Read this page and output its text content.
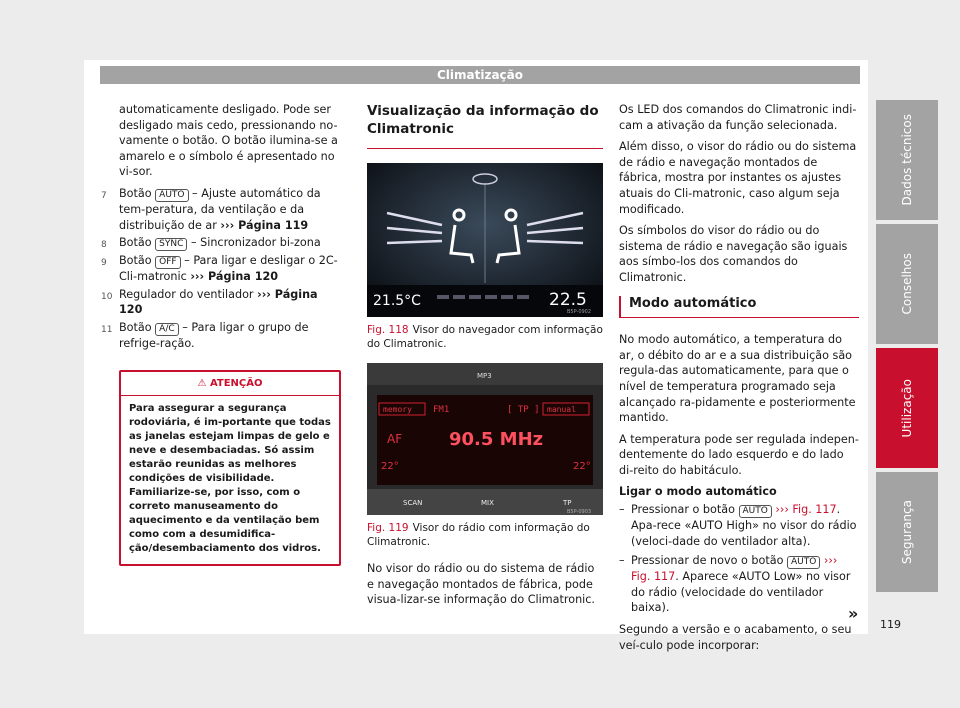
Climatização
automaticamente desligado. Pode ser desligado mais cedo, pressionando no-vamente o botão. O botão ilumina-se a amarelo e o símbolo é apresentado no vi-sor.
7 Botão AUTO – Ajuste automático da tem-peratura, da ventilação e da distribuição de ar ››› Página 119
8 Botão SYNC – Sincronizador bi-zona
9 Botão OFF – Para ligar e desligar o 2C-Cli-matronic ››› Página 120
10 Regulador do ventilador ››› Página 120
11 Botão A/C – Para ligar o grupo de refrige-ração.
⚠ ATENÇÃO
Para assegurar a segurança rodoviária, é im-portante que todas as janelas estejam limpas de gelo e neve e desembaciadas. Só assim estarão reunidas as melhores condições de visibilidade. Familiarize-se, por isso, com o correto manuseamento do aquecimento e da ventilação bem como com a desumidifica-ção/desembaciamento dos vidros.
Visualização da informação do Climatronic
21.5°C	22.5
B5P-0902
Fig. 118 Visor do navegador com informação do Climatronic.
MP3
memory FM1	[ TP ] manual
AF	90.5 MHz
22°	22°
SCAN	MIX	TP
B5P-0903
Fig. 119 Visor do rádio com informação do Climatronic.
No visor do rádio ou do sistema de rádio e navegação montados de fábrica, pode visua-lizar-se informação do Climatronic.
Os LED dos comandos do Climatronic indi-cam a ativação da função selecionada.
Além disso, o visor do rádio ou do sistema de rádio e navegação montados de fábrica, mostra por instantes os ajustes atuais do Cli-matronic, caso algum seja modificado.
Os símbolos do visor do rádio ou do sistema de rádio e navegação são iguais aos símbo-los dos comandos do Climatronic.
Modo automático
No modo automático, a temperatura do ar, o débito do ar e a sua distribuição são regula-das automaticamente, para que o nível de temperatura programado seja alcançado ra-pidamente e posteriormente mantido.
A temperatura pode ser regulada indepen-dentemente do lado esquerdo e do lado di-reito do habitáculo.
Ligar o modo automático
– Pressionar o botão AUTO ››› Fig. 117. Apa-rece «AUTO High» no visor do rádio (veloci-dade do ventilador alta).
– Pressionar de novo o botão AUTO ››› Fig. 117. Aparece «AUTO Low» no visor do rádio (velocidade do ventilador baixa).
Segundo a versão e o acabamento, o seu veí-culo pode incorporar:
»
Dados técnicos
Conselhos
Utilização
Segurança
119
